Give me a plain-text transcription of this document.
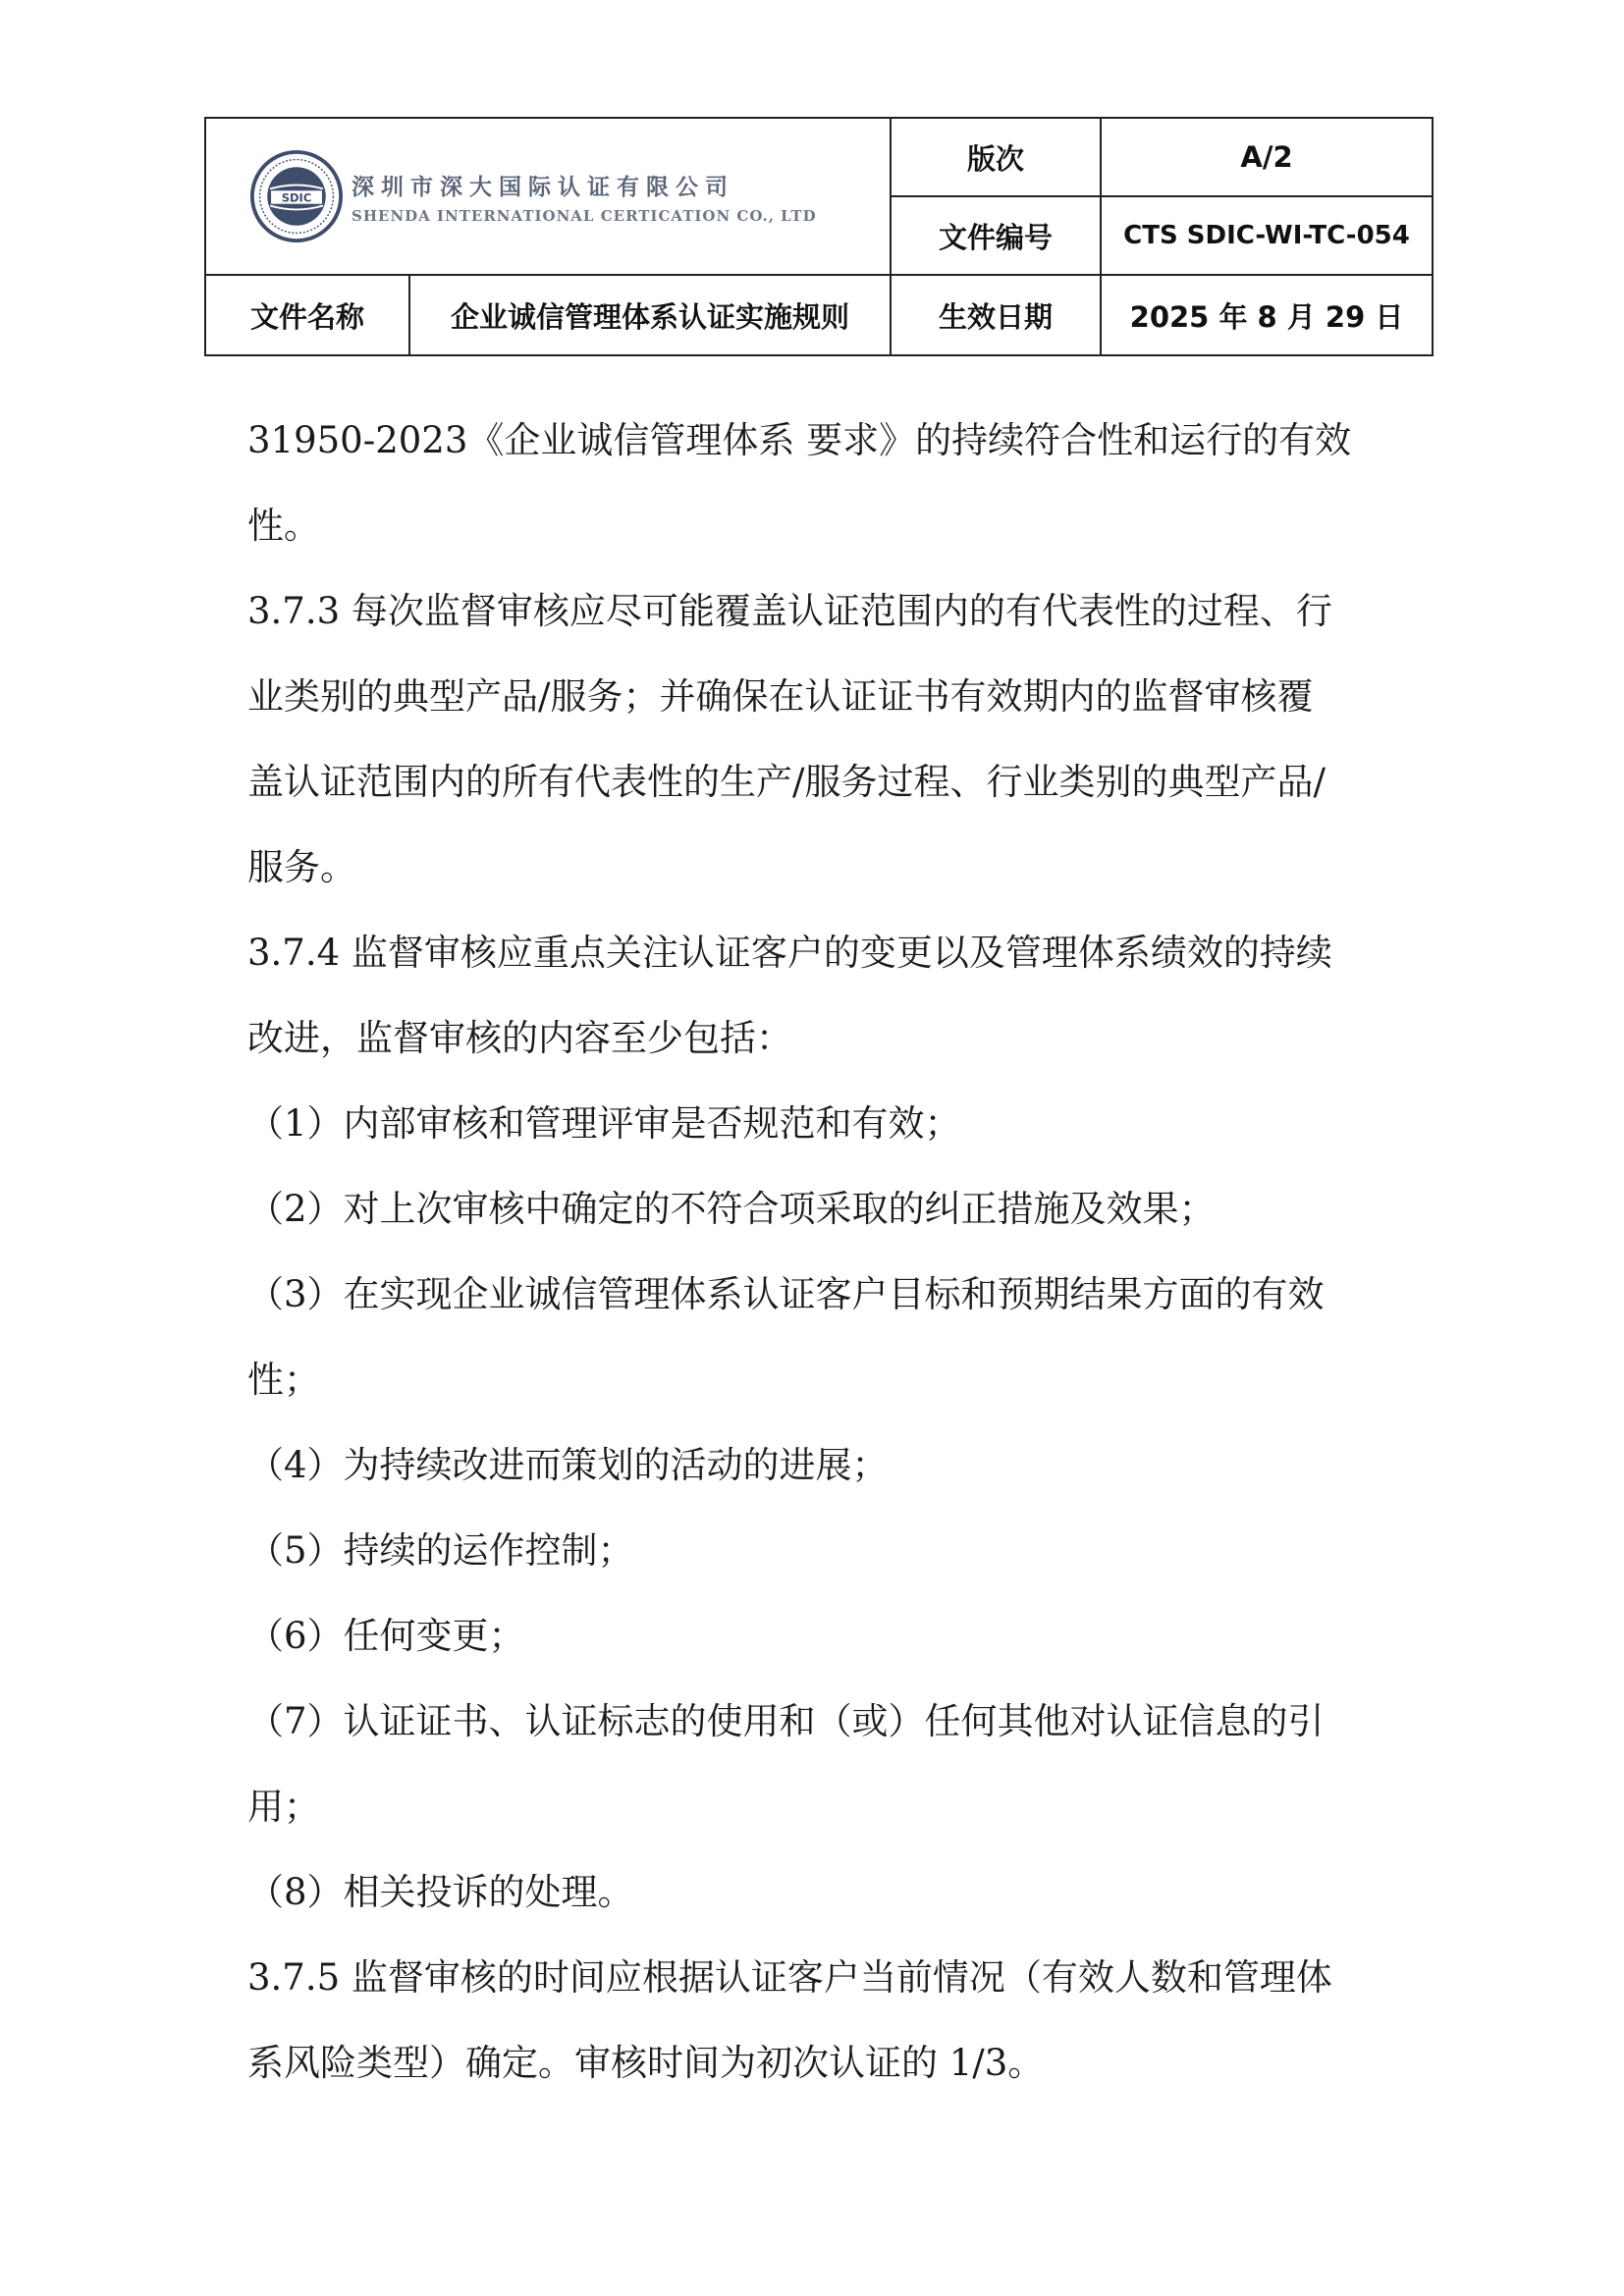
SDIC 深圳市深大国际认证有限公司
SHENDA INTERNATIONAL CERTICATION CO., LTD		版次	A/2
		文件编号	CTS SDIC-WI-TC-054
文件名称	企业诚信管理体系认证实施规则	生效日期	2025 年 8 月 29 日

31950-2023《企业诚信管理体系 要求》的持续符合性和运行的有效

性。

3.7.3 每次监督审核应尽可能覆盖认证范围内的有代表性的过程、行

业类别的典型产品/服务；并确保在认证证书有效期内的监督审核覆

盖认证范围内的所有代表性的生产/服务过程、行业类别的典型产品/

服务。

3.7.4 监督审核应重点关注认证客户的变更以及管理体系绩效的持续

改进，监督审核的内容至少包括：

（1）内部审核和管理评审是否规范和有效；

（2）对上次审核中确定的不符合项采取的纠正措施及效果；

（3）在实现企业诚信管理体系认证客户目标和预期结果方面的有效

性；

（4）为持续改进而策划的活动的进展；

（5）持续的运作控制；

（6）任何变更；

（7）认证证书、认证标志的使用和（或）任何其他对认证信息的引

用；

（8）相关投诉的处理。

3.7.5 监督审核的时间应根据认证客户当前情况（有效人数和管理体

系风险类型）确定。审核时间为初次认证的 1/3。
